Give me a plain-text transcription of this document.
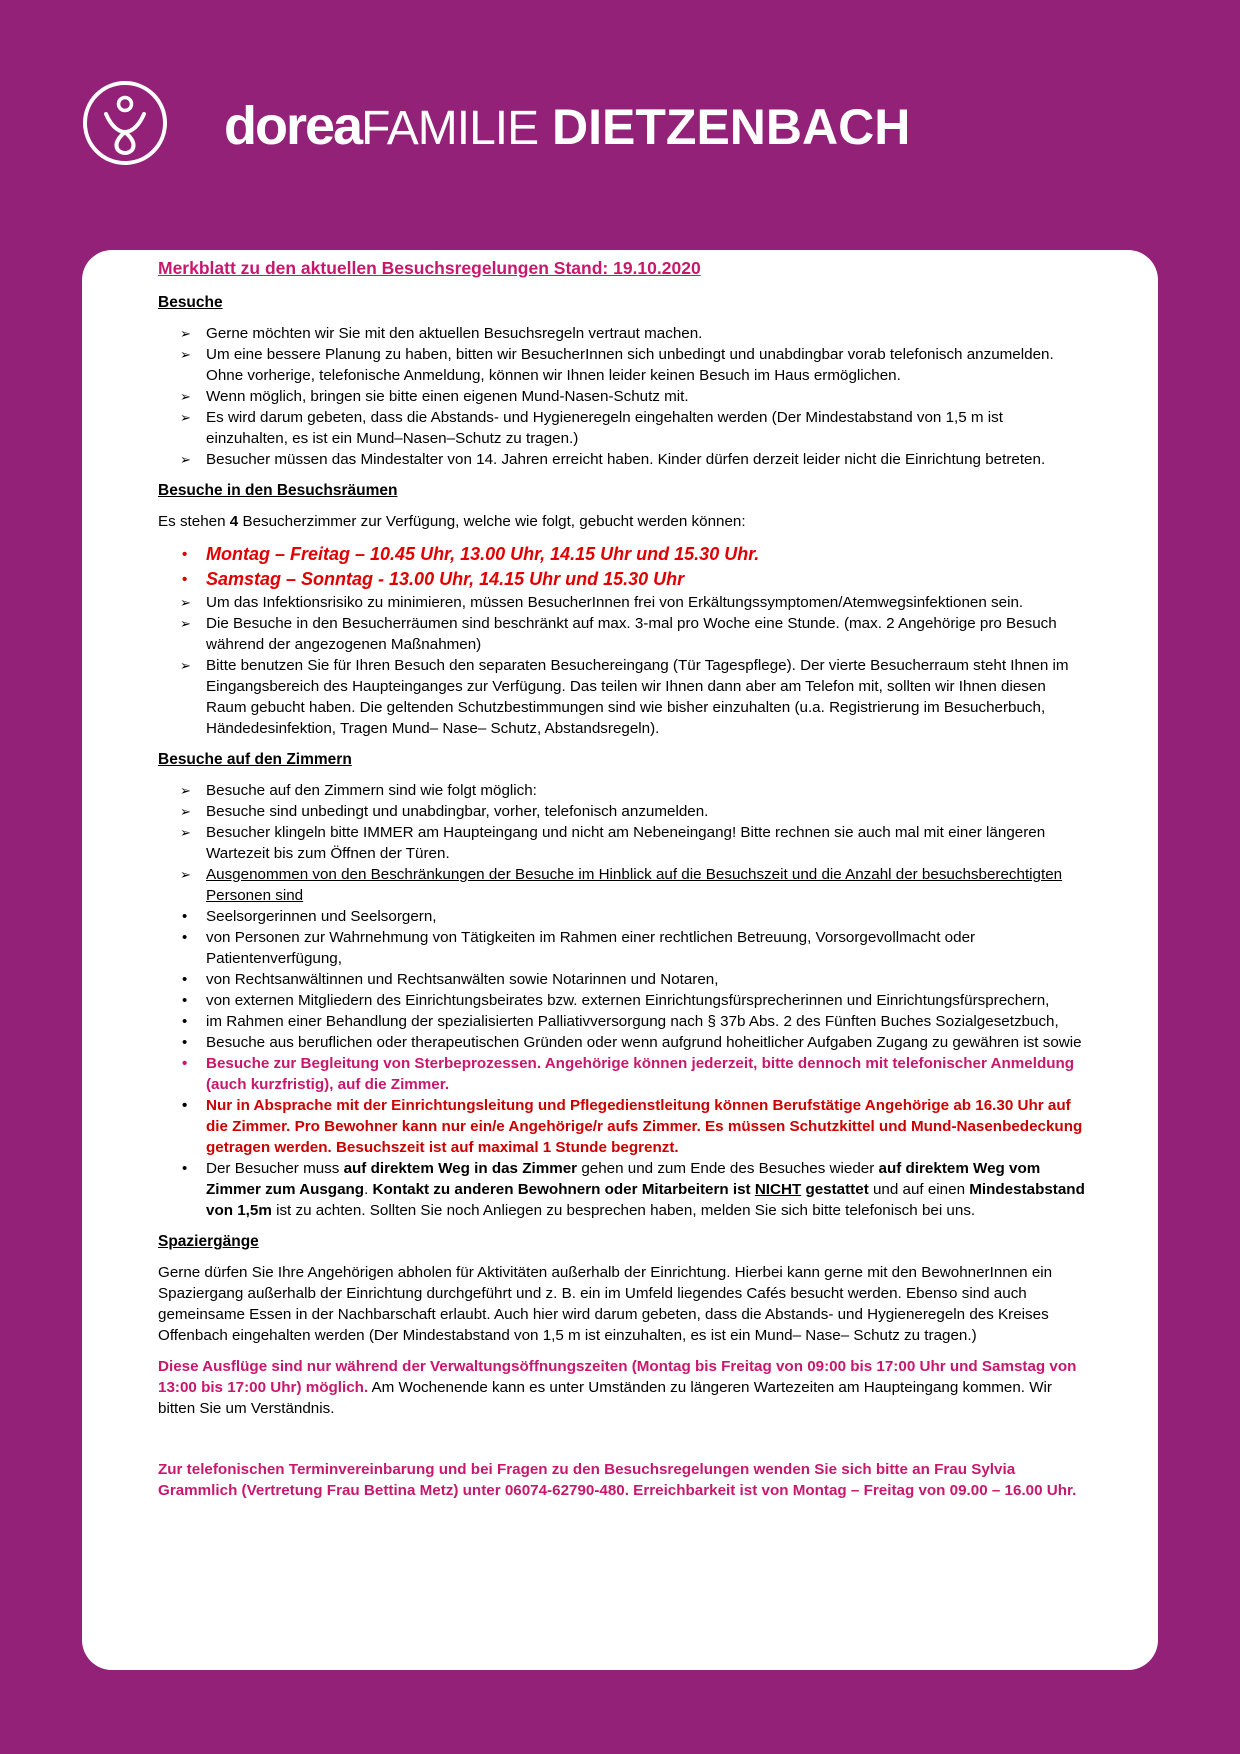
doreaFAMILIE DIETZENBACH
Merkblatt zu den aktuellen Besuchsregelungen Stand: 19.10.2020
Besuche
➢ Gerne möchten wir Sie mit den aktuellen Besuchsregeln vertraut machen.
➢ Um eine bessere Planung zu haben, bitten wir BesucherInnen sich unbedingt und unabdingbar vorab telefonisch anzumelden. Ohne vorherige, telefonische Anmeldung, können wir Ihnen leider keinen Besuch im Haus ermöglichen.
➢ Wenn möglich, bringen sie bitte einen eigenen Mund-Nasen-Schutz mit.
➢ Es wird darum gebeten, dass die Abstands- und Hygieneregeln eingehalten werden (Der Mindestabstand von 1,5 m ist einzuhalten, es ist ein Mund–Nasen–Schutz zu tragen.)
➢ Besucher müssen das Mindestalter von 14. Jahren erreicht haben. Kinder dürfen derzeit leider nicht die Einrichtung betreten.
Besuche in den Besuchsräumen

Es stehen 4 Besucherzimmer zur Verfügung, welche wie folgt, gebucht werden können:

• Montag – Freitag – 10.45 Uhr, 13.00 Uhr, 14.15 Uhr und 15.30 Uhr.
• Samstag – Sonntag - 13.00 Uhr, 14.15 Uhr und 15.30 Uhr
➢ Um das Infektionsrisiko zu minimieren, müssen BesucherInnen frei von Erkältungssymptomen/Atemwegsinfektionen sein.
➢ Die Besuche in den Besucherräumen sind beschränkt auf max. 3-mal pro Woche eine Stunde. (max. 2 Angehörige pro Besuch während der angezogenen Maßnahmen)
➢ Bitte benutzen Sie für Ihren Besuch den separaten Besuchereingang (Tür Tagespflege). Der vierte Besucherraum steht Ihnen im Eingangsbereich des Haupteinganges zur Verfügung. Das teilen wir Ihnen dann aber am Telefon mit, sollten wir Ihnen diesen Raum gebucht haben. Die geltenden Schutzbestimmungen sind wie bisher einzuhalten (u.a. Registrierung im Besucherbuch, Händedesinfektion, Tragen Mund– Nase– Schutz, Abstandsregeln).
Besuche auf den Zimmern
➢ Besuche auf den Zimmern sind wie folgt möglich:
➢ Besuche sind unbedingt und unabdingbar, vorher, telefonisch anzumelden.
➢ Besucher klingeln bitte IMMER am Haupteingang und nicht am Nebeneingang! Bitte rechnen sie auch mal mit einer längeren Wartezeit bis zum Öffnen der Türen.
➢ Ausgenommen von den Beschränkungen der Besuche im Hinblick auf die Besuchszeit und die Anzahl der besuchsberechtigten Personen sind
• Seelsorgerinnen und Seelsorgern,
• von Personen zur Wahrnehmung von Tätigkeiten im Rahmen einer rechtlichen Betreuung, Vorsorgevollmacht oder Patientenverfügung,
• von Rechtsanwältinnen und Rechtsanwälten sowie Notarinnen und Notaren,
• von externen Mitgliedern des Einrichtungsbeirates bzw. externen Einrichtungsfürsprecherinnen und Einrichtungsfürsprechern,
• im Rahmen einer Behandlung der spezialisierten Palliativversorgung nach § 37b Abs. 2 des Fünften Buches Sozialgesetzbuch,
• Besuche aus beruflichen oder therapeutischen Gründen oder wenn aufgrund hoheitlicher Aufgaben Zugang zu gewähren ist sowie
• Besuche zur Begleitung von Sterbeprozessen. Angehörige können jederzeit, bitte dennoch mit telefonischer Anmeldung (auch kurzfristig), auf die Zimmer.
• Nur in Absprache mit der Einrichtungsleitung und Pflegedienstleitung können Berufstätige Angehörige ab 16.30 Uhr auf die Zimmer. Pro Bewohner kann nur ein/e Angehörige/r aufs Zimmer. Es müssen Schutzkittel und Mund-Nasenbedeckung getragen werden. Besuchszeit ist auf maximal 1 Stunde begrenzt.
• Der Besucher muss auf direktem Weg in das Zimmer gehen und zum Ende des Besuches wieder auf direktem Weg vom Zimmer zum Ausgang. Kontakt zu anderen Bewohnern oder Mitarbeitern ist NICHT gestattet und auf einen Mindestabstand von 1,5m ist zu achten. Sollten Sie noch Anliegen zu besprechen haben, melden Sie sich bitte telefonisch bei uns.
Spaziergänge

Gerne dürfen Sie Ihre Angehörigen abholen für Aktivitäten außerhalb der Einrichtung. Hierbei kann gerne mit den BewohnerInnen ein Spaziergang außerhalb der Einrichtung durchgeführt und z. B. ein im Umfeld liegendes Cafés besucht werden. Ebenso sind auch gemeinsame Essen in der Nachbarschaft erlaubt. Auch hier wird darum gebeten, dass die Abstands- und Hygieneregeln des Kreises Offenbach eingehalten werden (Der Mindestabstand von 1,5 m ist einzuhalten, es ist ein Mund– Nase– Schutz zu tragen.)

Diese Ausflüge sind nur während der Verwaltungsöffnungszeiten (Montag bis Freitag von 09:00 bis 17:00 Uhr und Samstag von 13:00 bis 17:00 Uhr) möglich. Am Wochenende kann es unter Umständen zu längeren Wartezeiten am Haupteingang kommen. Wir bitten Sie um Verständnis.

Zur telefonischen Terminvereinbarung und bei Fragen zu den Besuchsregelungen wenden Sie sich bitte an Frau Sylvia Grammlich (Vertretung Frau Bettina Metz) unter 06074-62790-480. Erreichbarkeit ist von Montag – Freitag von 09.00 – 16.00 Uhr.
